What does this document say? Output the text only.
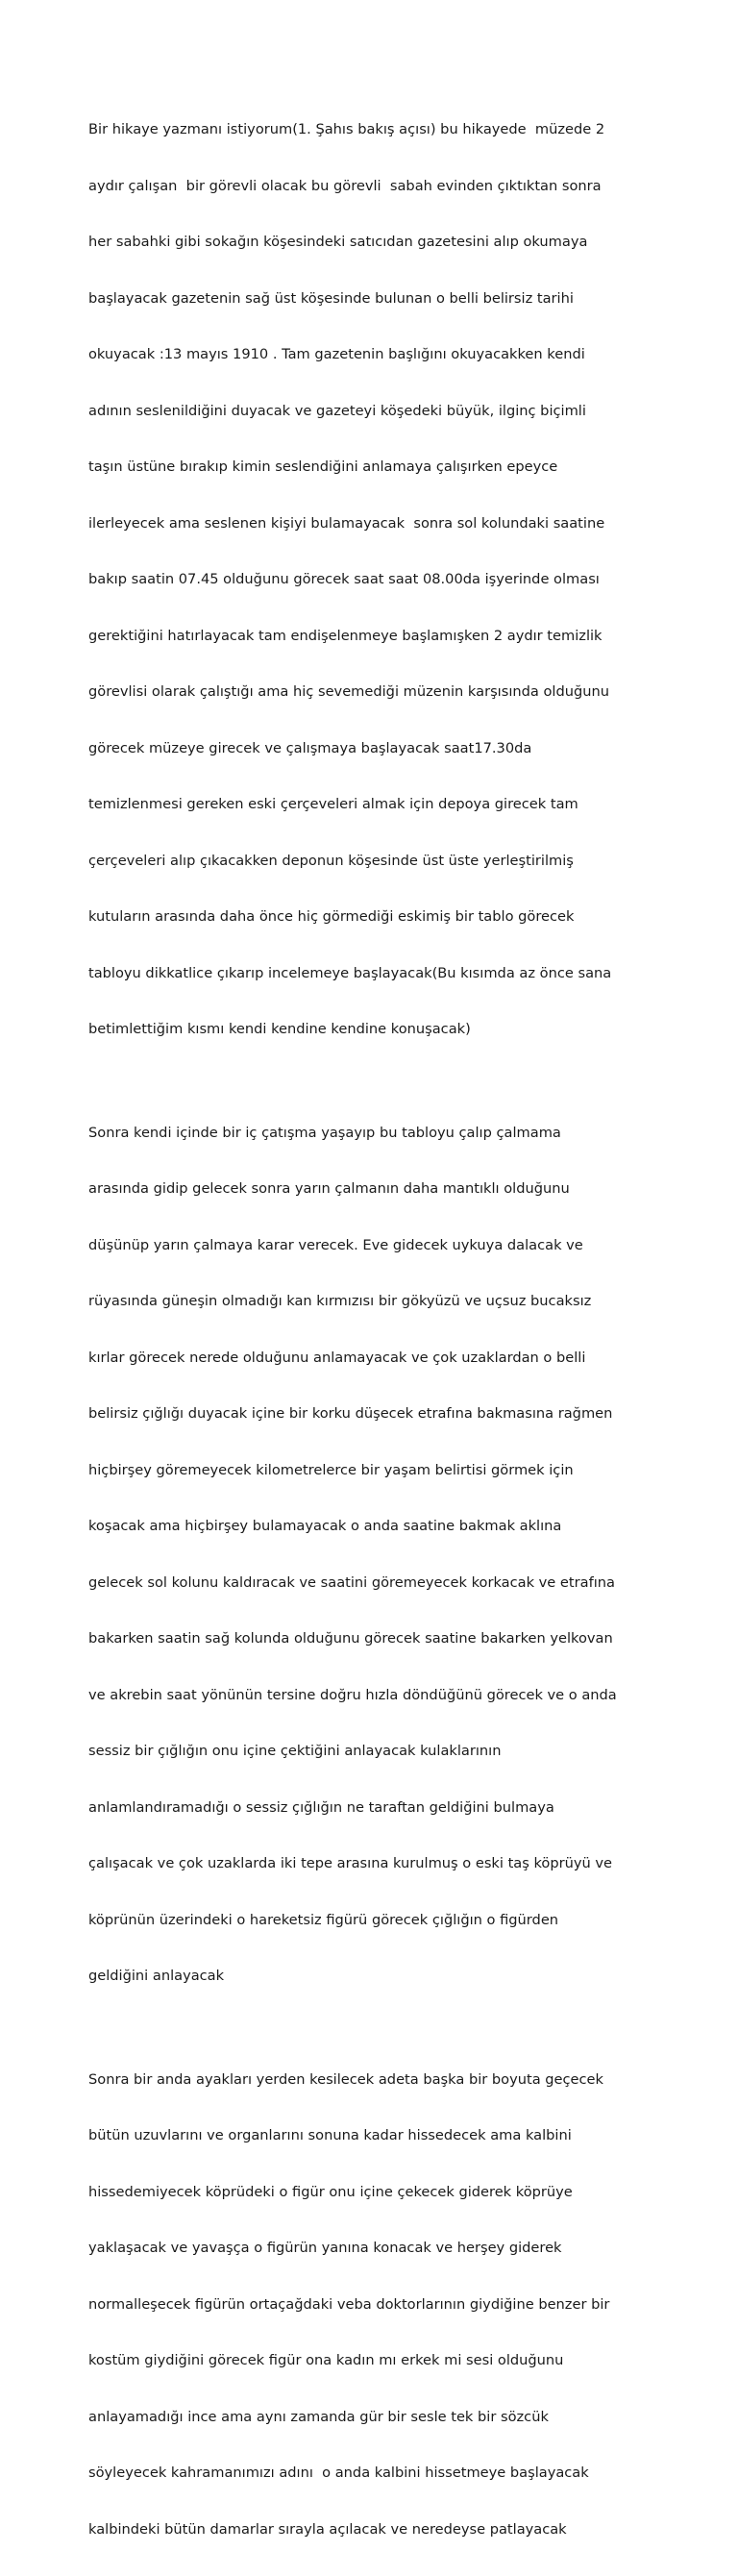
Bir hikaye yazmanı istiyorum(1. Şahıs bakış açısı) bu hikayede  müzede 2

aydır çalışan  bir görevli olacak bu görevli  sabah evinden çıktıktan sonra

her sabahki gibi sokağın köşesindeki satıcıdan gazetesini alıp okumaya

başlayacak gazetenin sağ üst köşesinde bulunan o belli belirsiz tarihi

okuyacak :13 mayıs 1910 . Tam gazetenin başlığını okuyacakken kendi

adının seslenildiğini duyacak ve gazeteyi köşedeki büyük, ilginç biçimli

taşın üstüne bırakıp kimin seslendiğini anlamaya çalışırken epeyce

ilerleyecek ama seslenen kişiyi bulamayacak  sonra sol kolundaki saatine

bakıp saatin 07.45 olduğunu görecek saat saat 08.00da işyerinde olması

gerektiğini hatırlayacak tam endişelenmeye başlamışken 2 aydır temizlik

görevlisi olarak çalıştığı ama hiç sevemediği müzenin karşısında olduğunu

görecek müzeye girecek ve çalışmaya başlayacak saat17.30da

temizlenmesi gereken eski çerçeveleri almak için depoya girecek tam

çerçeveleri alıp çıkacakken deponun köşesinde üst üste yerleştirilmiş

kutuların arasında daha önce hiç görmediği eskimiş bir tablo görecek

tabloyu dikkatlice çıkarıp incelemeye başlayacak(Bu kısımda az önce sana

betimlettiğim kısmı kendi kendine kendine konuşacak)

Sonra kendi içinde bir iç çatışma yaşayıp bu tabloyu çalıp çalmama

arasında gidip gelecek sonra yarın çalmanın daha mantıklı olduğunu

düşünüp yarın çalmaya karar verecek. Eve gidecek uykuya dalacak ve

rüyasında güneşin olmadığı kan kırmızısı bir gökyüzü ve uçsuz bucaksız

kırlar görecek nerede olduğunu anlamayacak ve çok uzaklardan o belli

belirsiz çığlığı duyacak içine bir korku düşecek etrafına bakmasına rağmen

hiçbirşey göremeyecek kilometrelerce bir yaşam belirtisi görmek için

koşacak ama hiçbirşey bulamayacak o anda saatine bakmak aklına

gelecek sol kolunu kaldıracak ve saatini göremeyecek korkacak ve etrafına

bakarken saatin sağ kolunda olduğunu görecek saatine bakarken yelkovan

ve akrebin saat yönünün tersine doğru hızla döndüğünü görecek ve o anda

sessiz bir çığlığın onu içine çektiğini anlayacak kulaklarının

anlamlandıramadığı o sessiz çığlığın ne taraftan geldiğini bulmaya

çalışacak ve çok uzaklarda iki tepe arasına kurulmuş o eski taş köprüyü ve

köprünün üzerindeki o hareketsiz figürü görecek çığlığın o figürden

geldiğini anlayacak

Sonra bir anda ayakları yerden kesilecek adeta başka bir boyuta geçecek

bütün uzuvlarını ve organlarını sonuna kadar hissedecek ama kalbini

hissedemiyecek köprüdeki o figür onu içine çekecek giderek köprüye

yaklaşacak ve yavaşça o figürün yanına konacak ve herşey giderek

normalleşecek figürün ortaçağdaki veba doktorlarının giydiğine benzer bir

kostüm giydiğini görecek figür ona kadın mı erkek mi sesi olduğunu

anlayamadığı ince ama aynı zamanda gür bir sesle tek bir sözcük

söyleyecek kahramanımızı adını  o anda kalbini hissetmeye başlayacak

kalbindeki bütün damarlar sırayla açılacak ve neredeyse patlayacak
